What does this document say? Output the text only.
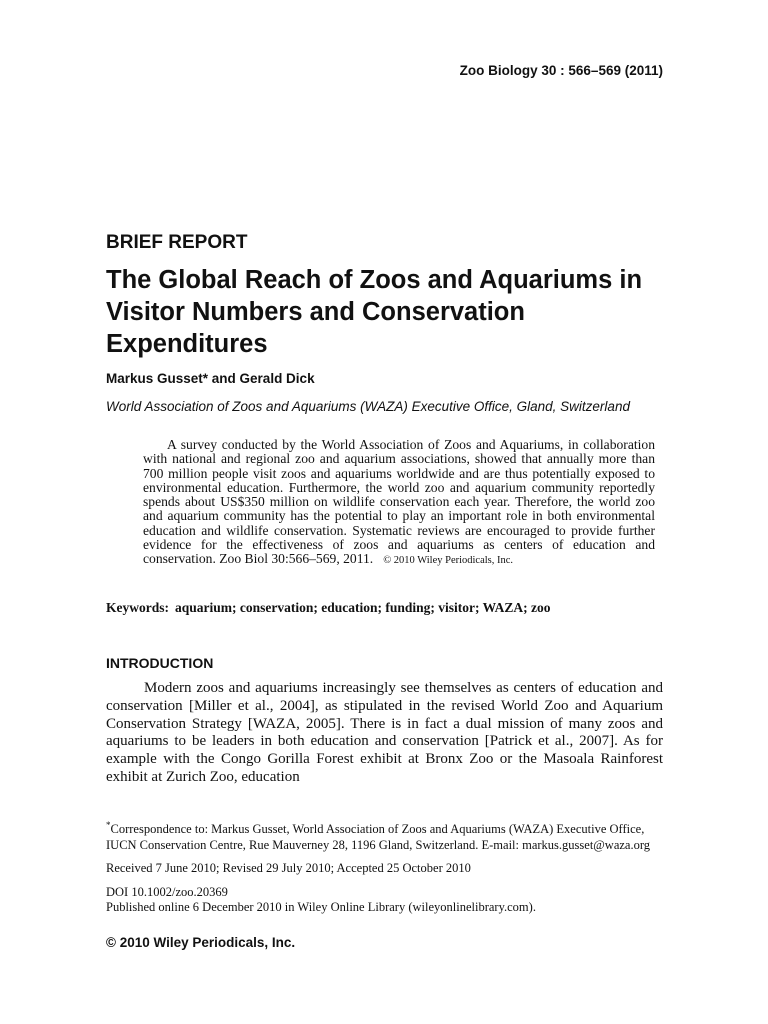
Zoo Biology 30 : 566–569 (2011)
BRIEF REPORT
The Global Reach of Zoos and Aquariums in Visitor Numbers and Conservation Expenditures
Markus Gusset* and Gerald Dick
World Association of Zoos and Aquariums (WAZA) Executive Office, Gland, Switzerland
A survey conducted by the World Association of Zoos and Aquariums, in collaboration with national and regional zoo and aquarium associations, showed that annually more than 700 million people visit zoos and aquariums worldwide and are thus potentially exposed to environmental education. Furthermore, the world zoo and aquarium community reportedly spends about US$350 million on wildlife conservation each year. Therefore, the world zoo and aquarium community has the potential to play an important role in both environmental education and wildlife conservation. Systematic reviews are encouraged to provide further evidence for the effectiveness of zoos and aquariums as centers of education and conservation. Zoo Biol 30:566–569, 2011. © 2010 Wiley Periodicals, Inc.
Keywords: aquarium; conservation; education; funding; visitor; WAZA; zoo
INTRODUCTION
Modern zoos and aquariums increasingly see themselves as centers of education and conservation [Miller et al., 2004], as stipulated in the revised World Zoo and Aquarium Conservation Strategy [WAZA, 2005]. There is in fact a dual mission of many zoos and aquariums to be leaders in both education and conservation [Patrick et al., 2007]. As for example with the Congo Gorilla Forest exhibit at Bronx Zoo or the Masoala Rainforest exhibit at Zurich Zoo, education

*Correspondence to: Markus Gusset, World Association of Zoos and Aquariums (WAZA) Executive Office, IUCN Conservation Centre, Rue Mauverney 28, 1196 Gland, Switzerland. E-mail: markus.gusset@waza.org

Received 7 June 2010; Revised 29 July 2010; Accepted 25 October 2010

DOI 10.1002/zoo.20369

Published online 6 December 2010 in Wiley Online Library (wileyonlinelibrary.com).

© 2010 Wiley Periodicals, Inc.
